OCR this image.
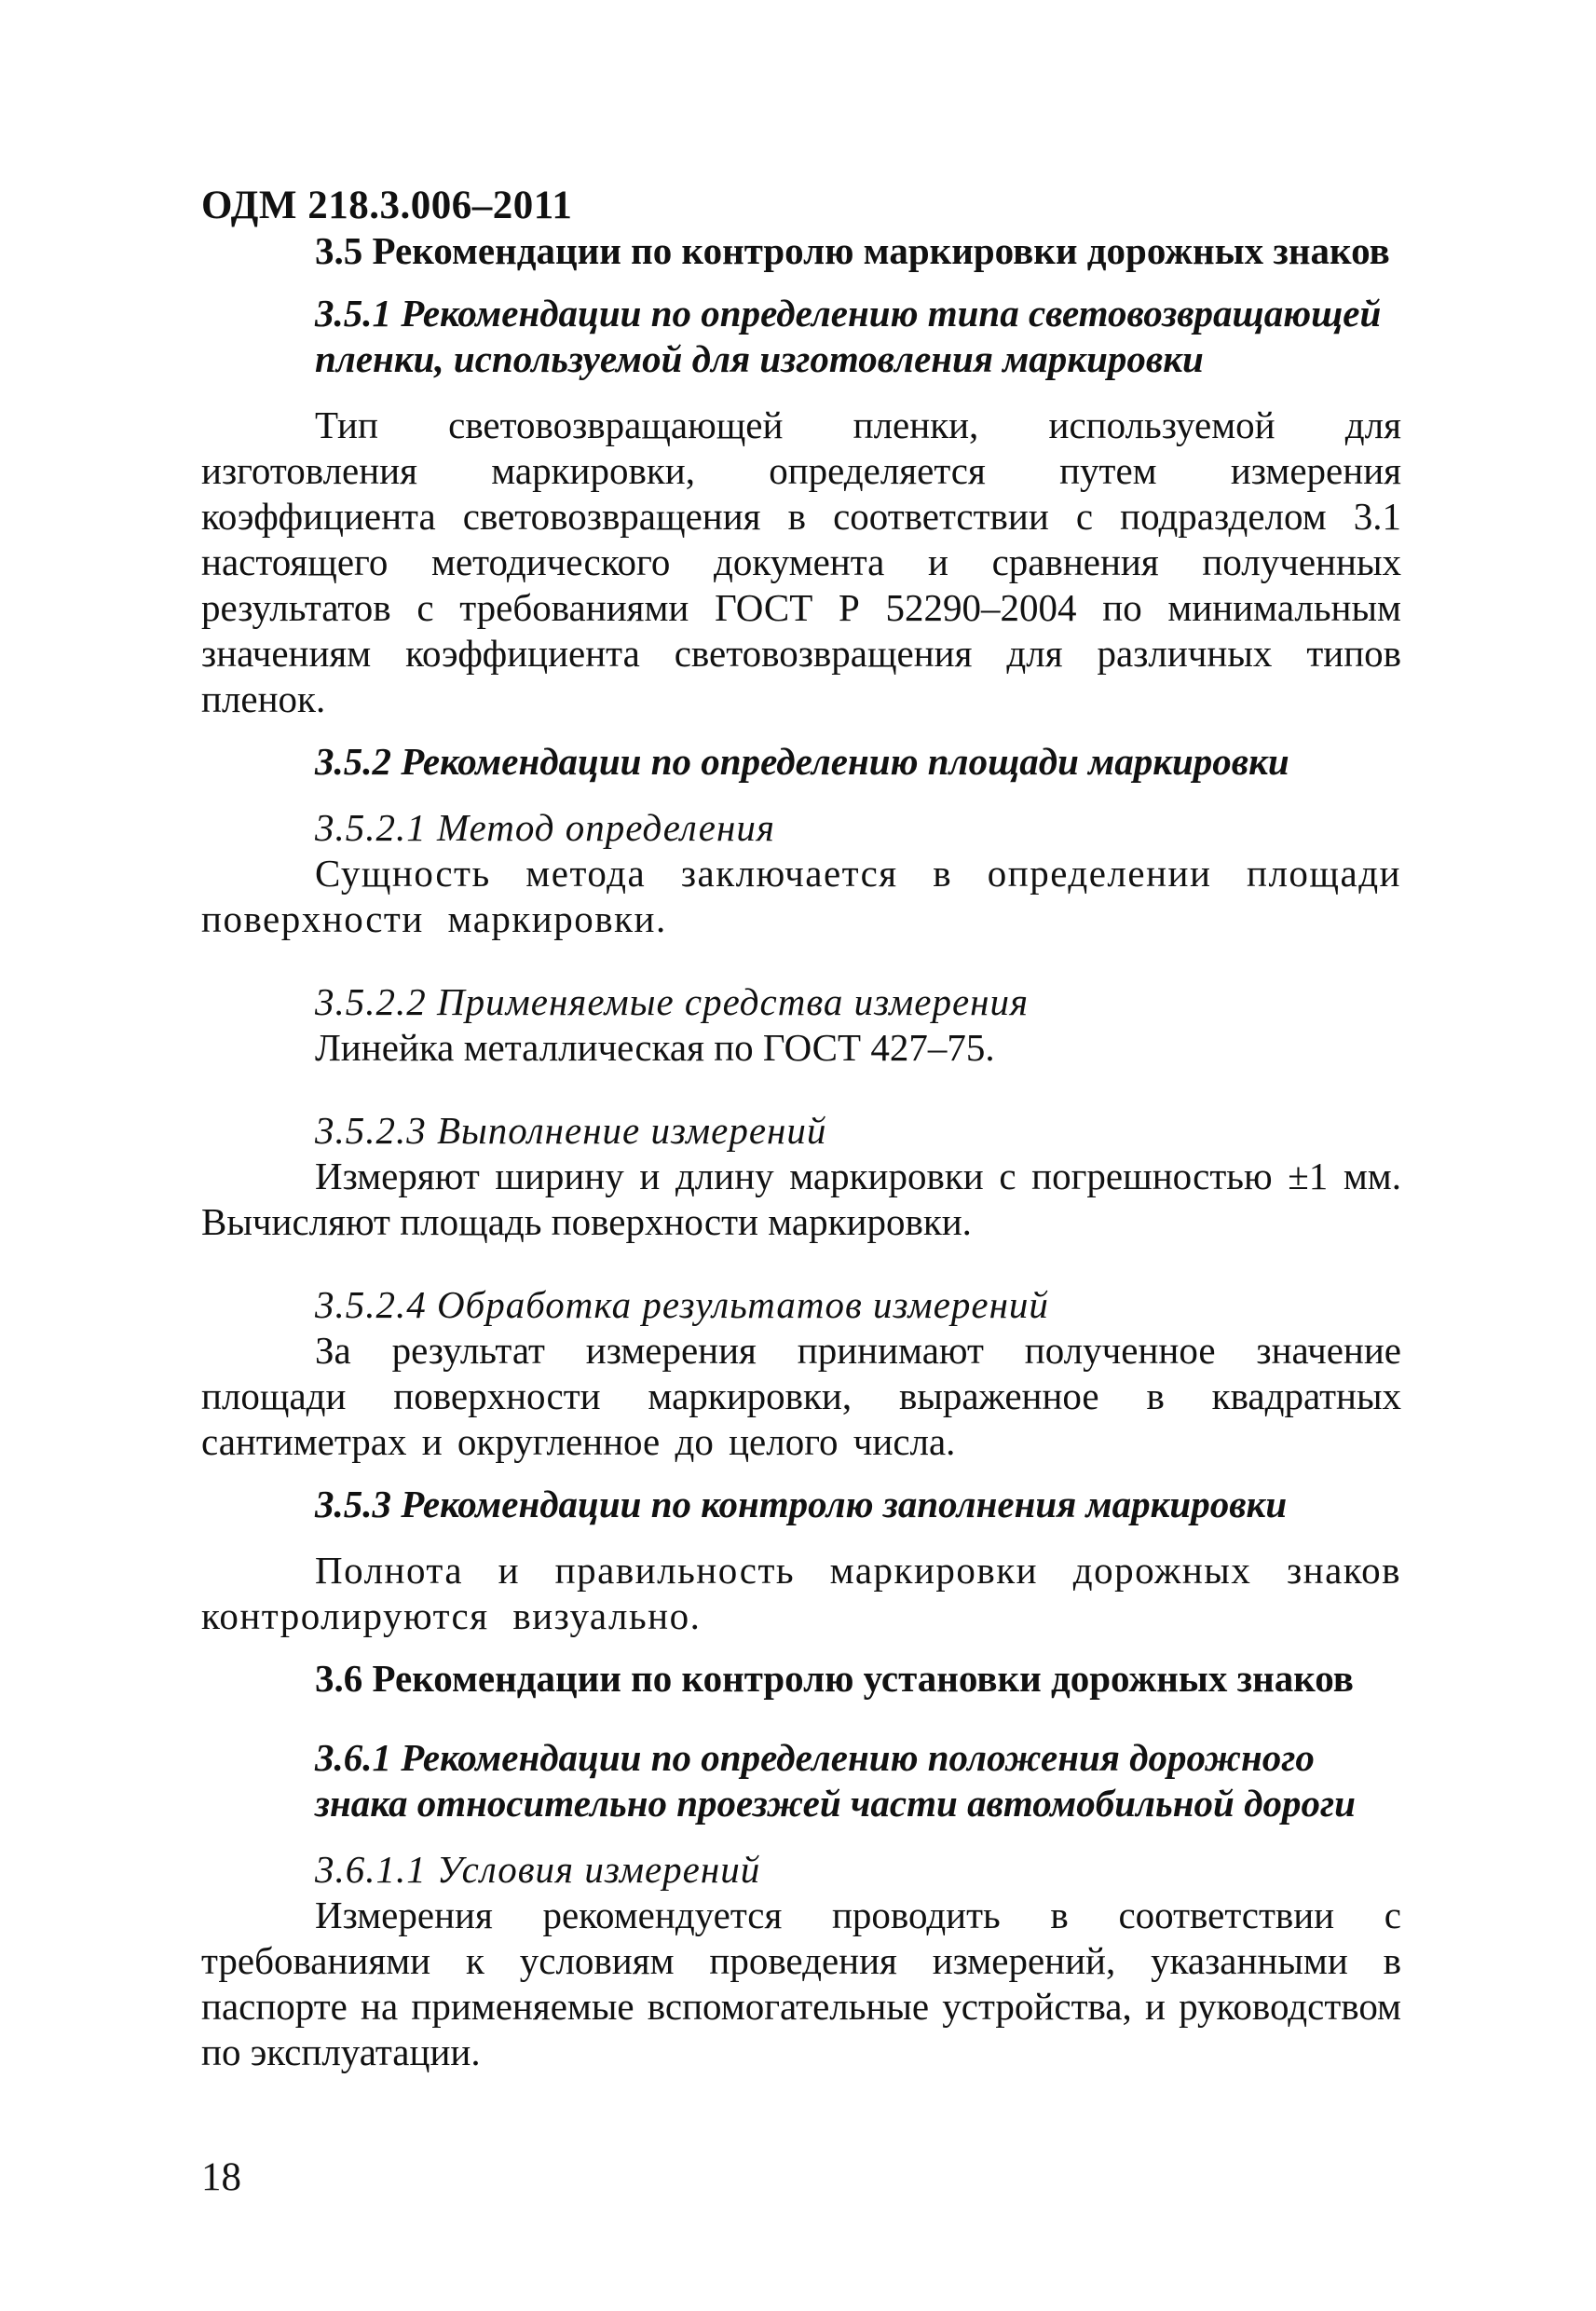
ОДМ 218.3.006–2011
3.5 Рекомендации по контролю маркировки дорожных знаков
3.5.1 Рекомендации по определению типа световозвращающей пленки, используемой для изготовления маркировки

Тип световозвращающей пленки, используемой для изготовления маркировки, определяется путем измерения коэффициента световозвращения в соответствии с подразделом 3.1 настоящего методического документа и сравнения полученных результатов с требованиями ГОСТ Р 52290–2004 по минимальным значениям коэффициента световозвращения для различных типов пленок.

3.5.2 Рекомендации по определению площади маркировки
3.5.2.1 Метод определения

Сущность метода заключается в определении площади поверхности маркировки.

3.5.2.2 Применяемые средства измерения

Линейка металлическая по ГОСТ 427–75.

3.5.2.3 Выполнение измерений

Измеряют ширину и длину маркировки с погрешностью ±1 мм. Вычисляют площадь поверхности маркировки.

3.5.2.4 Обработка результатов измерений

За результат измерения принимают полученное значение площади поверхности маркировки, выраженное в квадратных сантиметрах и округленное до целого числа.

3.5.3 Рекомендации по контролю заполнения маркировки

Полнота и правильность маркировки дорожных знаков контролируются визуально.

3.6 Рекомендации по контролю установки дорожных знаков
3.6.1 Рекомендации по определению положения дорожного знака относительно проезжей части автомобильной дороги
3.6.1.1 Условия измерений

Измерения рекомендуется проводить в соответствии с требованиями к условиям проведения измерений, указанными в паспорте на применяемые вспомогательные устройства, и руководством по эксплуатации.

18
